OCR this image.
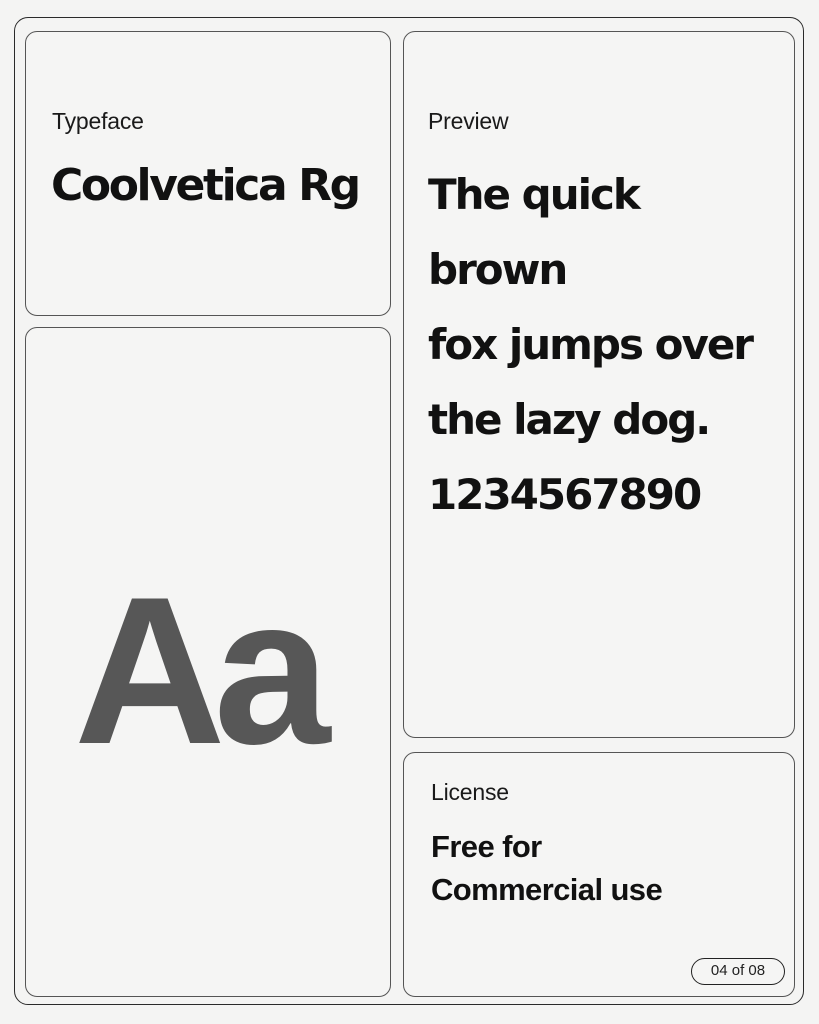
Typeface
Coolvetica Rg
Aa
Preview
The quick
brown
fox jumps over
the lazy dog.
1234567890
License
Free for
Commercial use
04 of 08
